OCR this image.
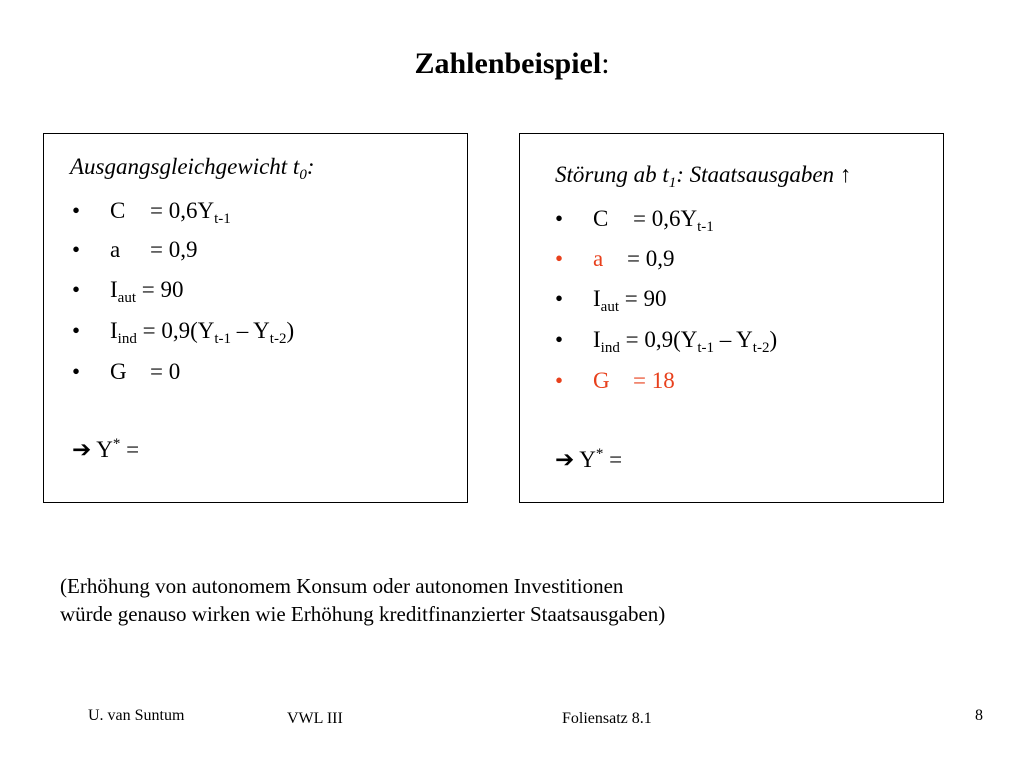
Zahlenbeispiel:
Ausgangsgleichgewicht $t_0$:
• $C = 0,6Y_{t-1}$
• a = 0,9
• $I_{aut} = 90$
• $I_{ind} = 0,9(Y_{t-1} - Y_{t-2})$
• G = 0
➔ Y* =
Störung ab $t_1$: Staatsausgaben ↑
• $C = 0,6Y_{t-1}$
• a = 0,9
• $I_{aut} = 90$
• $I_{ind} = 0,9(Y_{t-1} - Y_{t-2})$
• G = 18
➔ Y* =
(Erhöhung von autonomem Konsum oder autonomen Investitionen
würde genauso wirken wie Erhöhung kreditfinanzierter Staatsausgaben)
U. van Suntum	VWL III	Foliensatz 8.1	8
